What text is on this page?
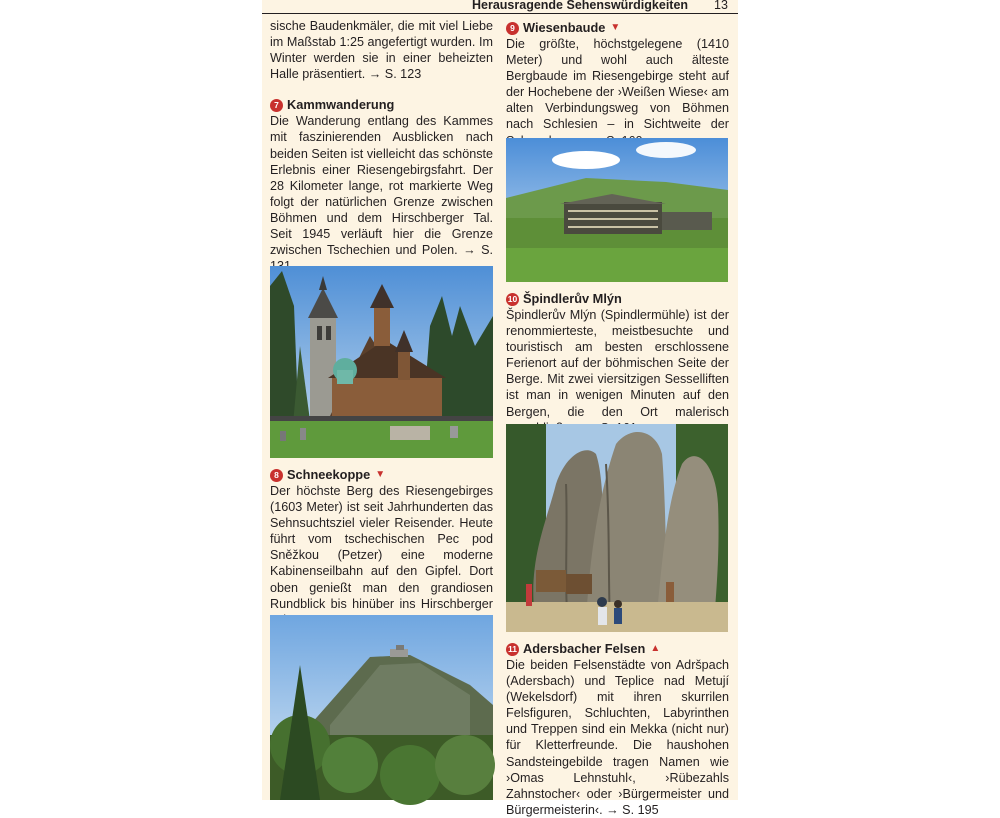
Herausragende Sehenswürdigkeiten 13

sische Baudenkmäler, die mit viel Liebe im Maßstab 1:25 angefertigt wurden. Im Winter werden sie in einer beheizten Halle präsentiert. → S. 123

7 Kammwanderung

Die Wanderung entlang des Kammes mit faszinierenden Ausblicken nach beiden Seiten ist vielleicht das schönste Erlebnis einer Riesengebirgsfahrt. Der 28 Kilometer lange, rot markierte Weg folgt der natürlichen Grenze zwischen Böhmen und dem Hirschberger Tal. Seit 1945 verläuft hier die Grenze zwischen Tschechien und Polen. → S.

8 Schneekoppe ▼

Der höchste Berg des Riesengebirges (1603 Meter) ist seit Jahrhunderten das Sehnsuchtsziel vieler Reisender. Heute führt vom tschechischen Pec pod Sněžkou (Petzer) eine moderne Kabinenseilbahn auf den Gipfel. Dort oben genießt man den grandiosen Rundblick bis hinüber ins Hirschberger

9 Wiesenbaude ▼

Die größte, höchstgelegene (1410 Meter) und wohl auch älteste Bergbaude im Riesengebirge steht auf der Hochebene der ›Weißen Wiese‹ am alten Verbindungsweg von Böhmen nach Schlesien – in Sichtweite der

10 Špindlerův Mlýn

Špindlerův Mlýn (Spindlermühle) ist der renommierteste, meistbesuchte und touristisch am besten erschlossene Ferienort auf der böhmischen Seite der Berge. Mit zwei viersitzigen Sesselliften ist man in wenigen Minuten auf den Bergen, die den Ort malerisch

11 Adersbacher Felsen ▲

Die beiden Felsenstädte von Adršpach (Adersbach) und Teplice nad Metují (Wekelsdorf) mit ihren skurrilen Felsfiguren, Schluchten, Labyrinthen und Treppen sind ein Mekka (nicht nur) für Kletterfreunde. Die haushohen Sandsteingebilde tragen Namen wie ›Omas Lehnstuhl‹, ›Rübezahls Zahnstocher‹ oder ›Bürgermeister und Bürgermeisterin‹. → S. 195
